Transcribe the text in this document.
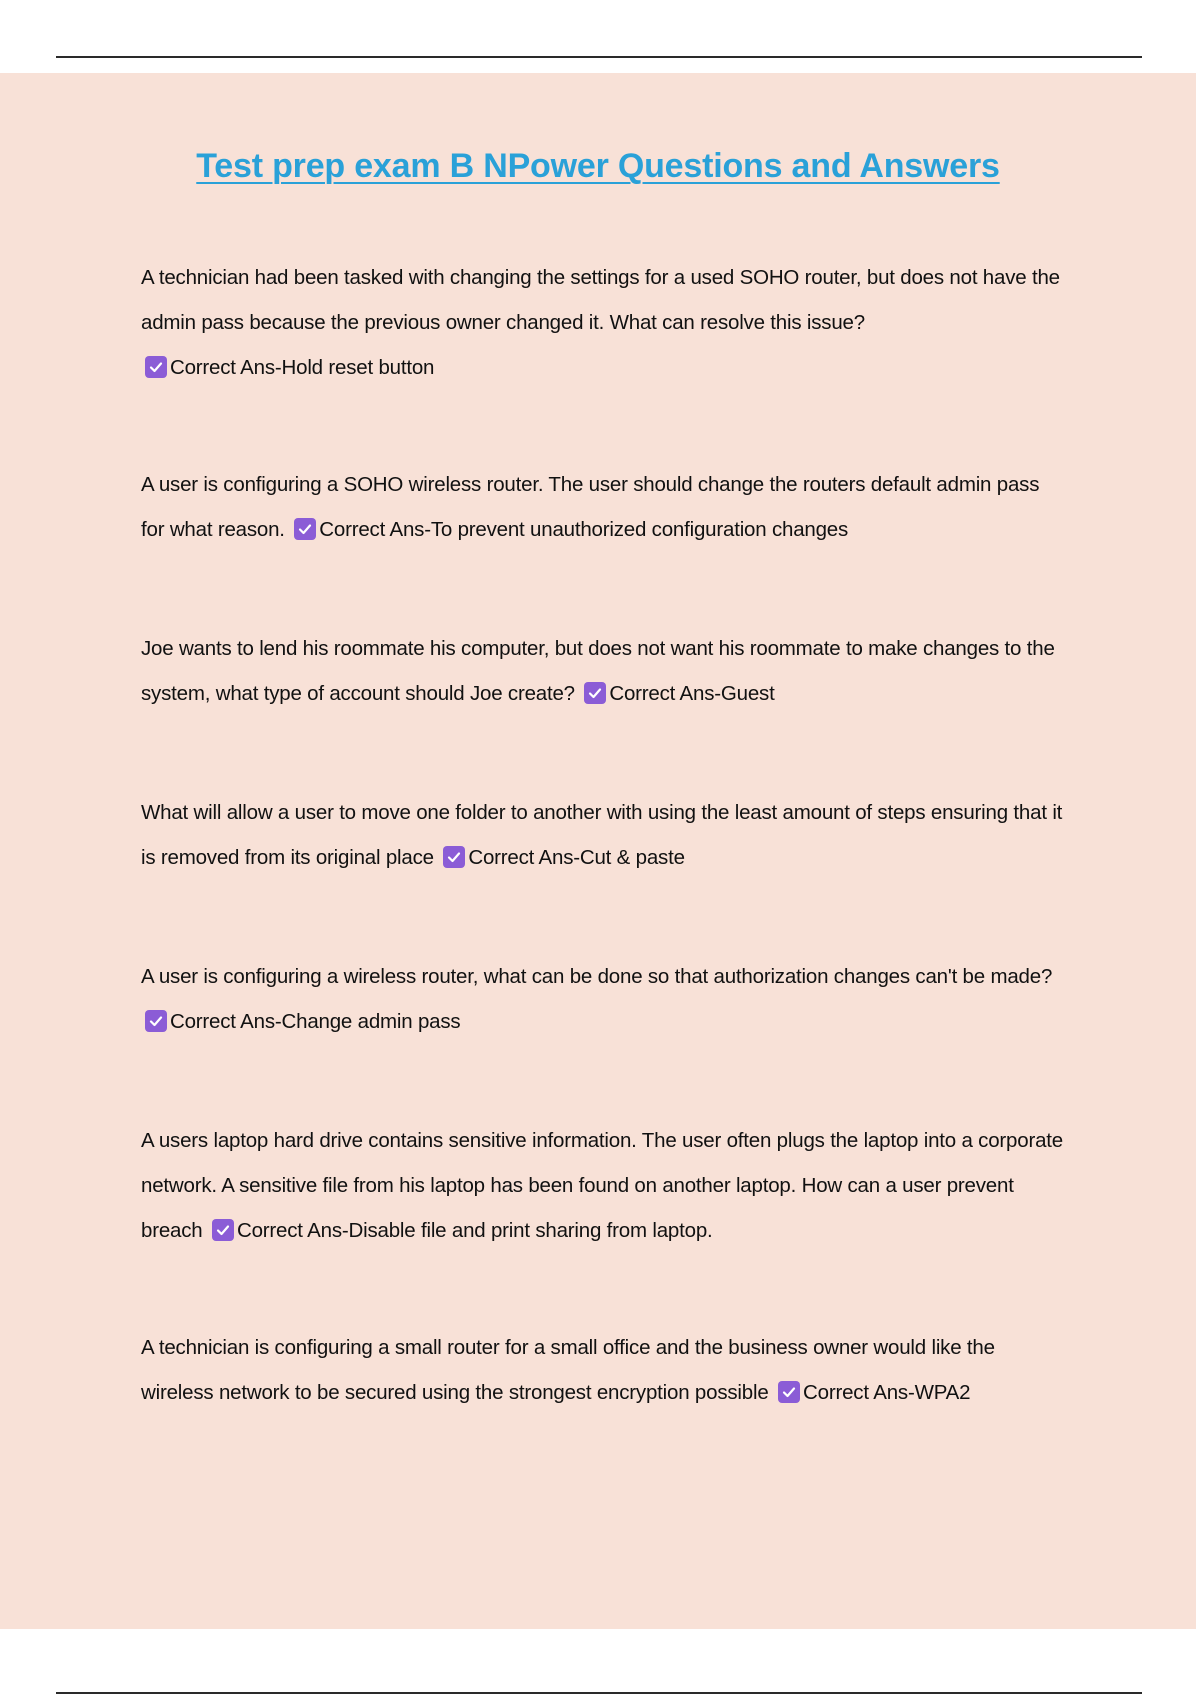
Test prep exam B NPower Questions and Answers

A technician had been tasked with changing the settings for a used SOHO router, but does not have the admin pass because the previous owner changed it. What can resolve this issue?

Correct Ans-Hold reset button

A user is configuring a SOHO wireless router. The user should change the routers default admin pass for what reason. Correct Ans-To prevent unauthorized configuration changes

Joe wants to lend his roommate his computer, but does not want his roommate to make changes to the system, what type of account should Joe create? Correct Ans-Guest

What will allow a user to move one folder to another with using the least amount of steps ensuring that it is removed from its original place Correct Ans-Cut & paste

A user is configuring a wireless router, what can be done so that authorization changes can't be made?
Correct Ans-Change admin pass

A users laptop hard drive contains sensitive information. The user often plugs the laptop into a corporate network. A sensitive file from his laptop has been found on another laptop. How can a user prevent breach Correct Ans-Disable file and print sharing from laptop.

A technician is configuring a small router for a small office and the business owner would like the wireless network to be secured using the strongest encryption possible Correct Ans-WPA2
